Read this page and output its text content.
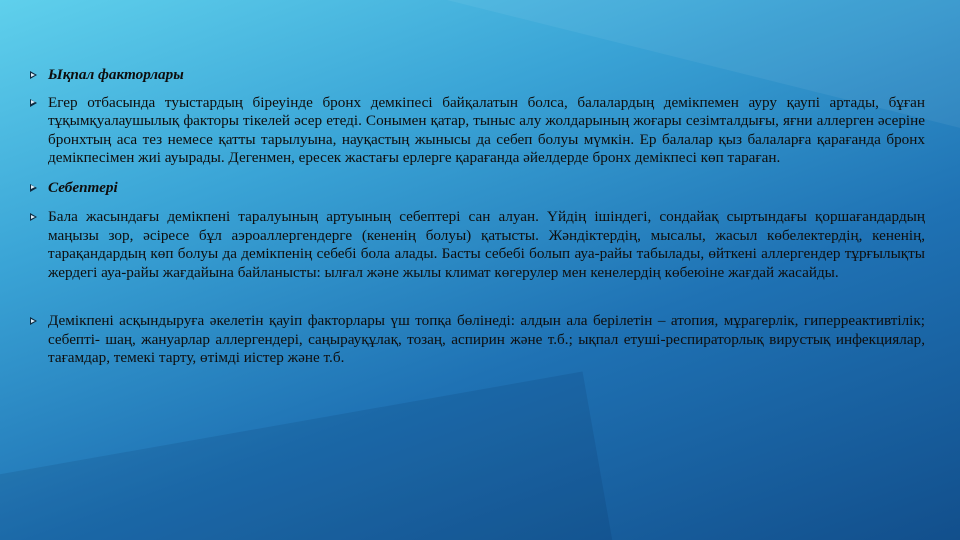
Ықпал факторлары
Егер отбасында туыстардың біреуінде бронх демкіпесі байқалатын болса, балалардың демікпемен ауру қаупі артады, бұған тұқымқуалаушылық факторы тікелей әсер етеді. Сонымен қатар, тыныс алу жолдарының жоғары сезімталдығы, яғни аллерген әсеріне бронхтың аса тез немесе қатты тарылуына, науқастың жынысы да себеп болуы мүмкін. Ер балалар қыз балаларға қарағанда бронх демікпесімен жиі ауырады. Дегенмен, ересек жастағы ерлерге қарағанда әйелдерде бронх демікпесі көп тараған.
Себептері
Бала жасындағы демікпені таралуының артуының себептері сан алуан. Үйдің ішіндегі, сондайақ сыртындағы қоршағандардың маңызы зор, әсіресе бұл аэроаллергендерге (кененің болуы) қатысты. Жәндіктердің, мысалы, жасыл көбелектердің, кененің, тарақандардың көп болуы да демікпенің себебі бола алады. Басты себебі болып ауа-райы табылады, өйткені аллергендер тұрғылықты жердегі ауа-райы жағдайына байланысты: ылғал және жылы климат көгерулер мен кенелердің көбеюіне жағдай жасайды.
Демікпені асқындыруға әкелетін қауіп факторлары үш топқа бөлінеді: алдын ала берілетін – атопия, мұрагерлік, гиперреактивтілік; себепті- шаң, жануарлар аллергендері, саңырауқұлақ, тозаң, аспирин және т.б.; ықпал етуші-респираторлық вирустық инфекциялар, тағамдар, темекі тарту, өтімді иістер және т.б.
